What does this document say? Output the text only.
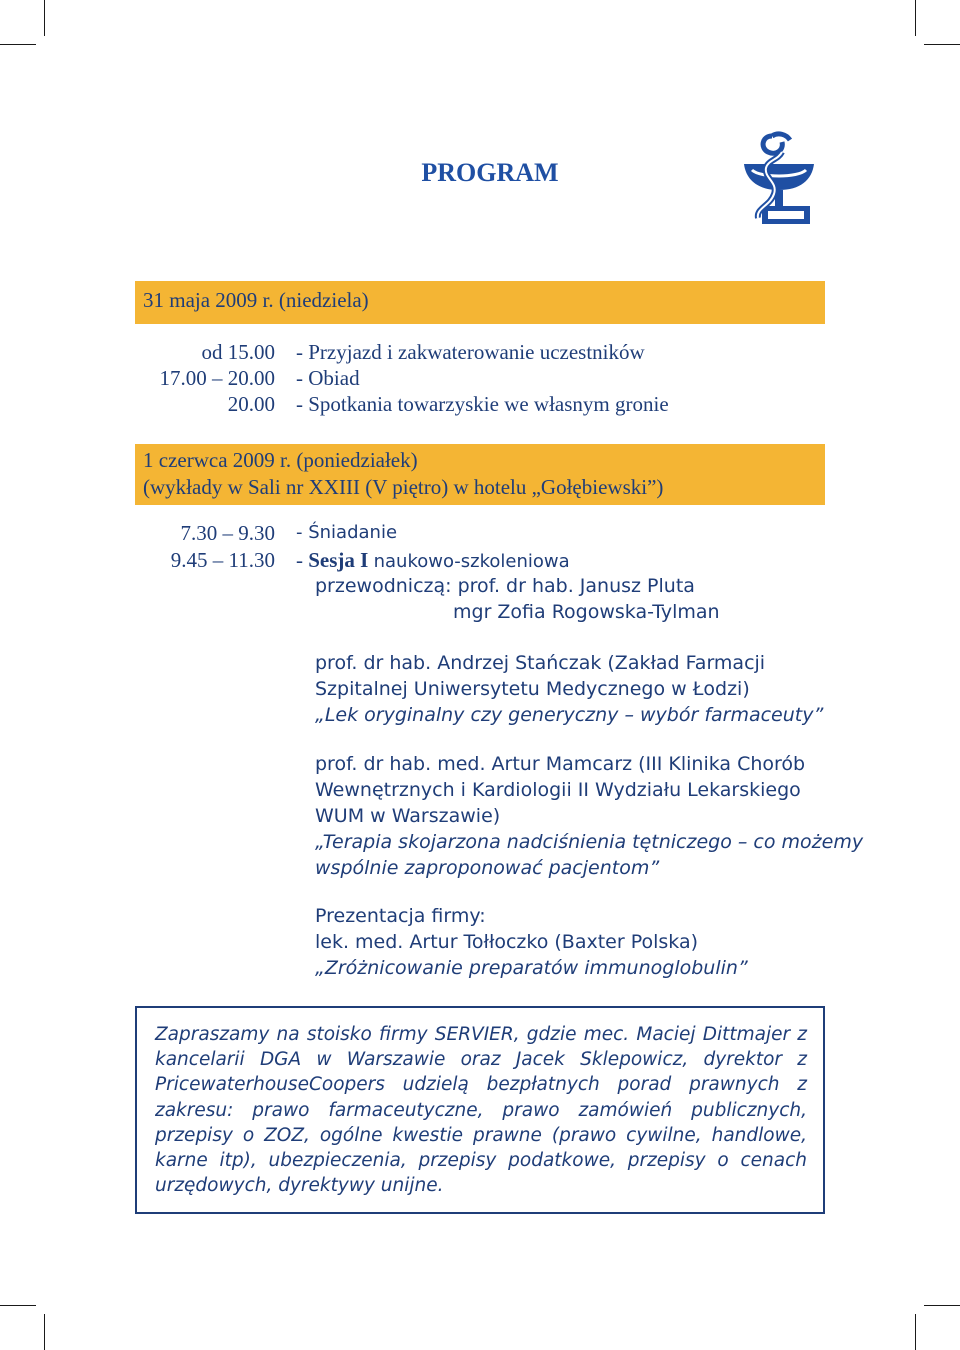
PROGRAM
31 maja 2009 r. (niedziela)
od 15.00 - Przyjazd i zakwaterowanie uczestników
17.00 – 20.00 - Obiad
20.00 - Spotkania towarzyskie we własnym gronie
1 czerwca 2009 r. (poniedziałek)
(wykłady w Sali nr XXIII (V piętro) w hotelu „Gołębiewski”)
7.30 – 9.30 - Śniadanie
9.45 – 11.30 - Sesja I naukowo-szkoleniowa
przewodniczą: prof. dr hab. Janusz Pluta
mgr Zofia Rogowska-Tylman
prof. dr hab. Andrzej Stańczak (Zakład Farmacji
Szpitalnej Uniwersytetu Medycznego w Łodzi)
„Lek oryginalny czy generyczny – wybór farmaceuty”
prof. dr hab. med. Artur Mamcarz (III Klinika Chorób
Wewnętrznych i Kardiologii II Wydziału Lekarskiego
WUM w Warszawie)
„Terapia skojarzona nadciśnienia tętniczego – co możemy
wspólnie zaproponować pacjentom”
Prezentacja firmy:
lek. med. Artur Tołłoczko (Baxter Polska)
„Zróżnicowanie preparatów immunoglobulin”

Zapraszamy na stoisko firmy SERVIER, gdzie mec. Maciej Dittmajer z kancelarii DGA w Warszawie oraz Jacek Sklepowicz, dyrektor z PricewaterhouseCoopers udzielą bezpłatnych porad prawnych z zakresu: prawo farmaceutyczne, prawo zamówień publicznych, przepisy o ZOZ, ogólne kwestie prawne (prawo cywilne, handlowe, karne itp), ubezpieczenia, przepisy podatkowe, przepisy o cenach urzędowych, dyrektywy unijne.
